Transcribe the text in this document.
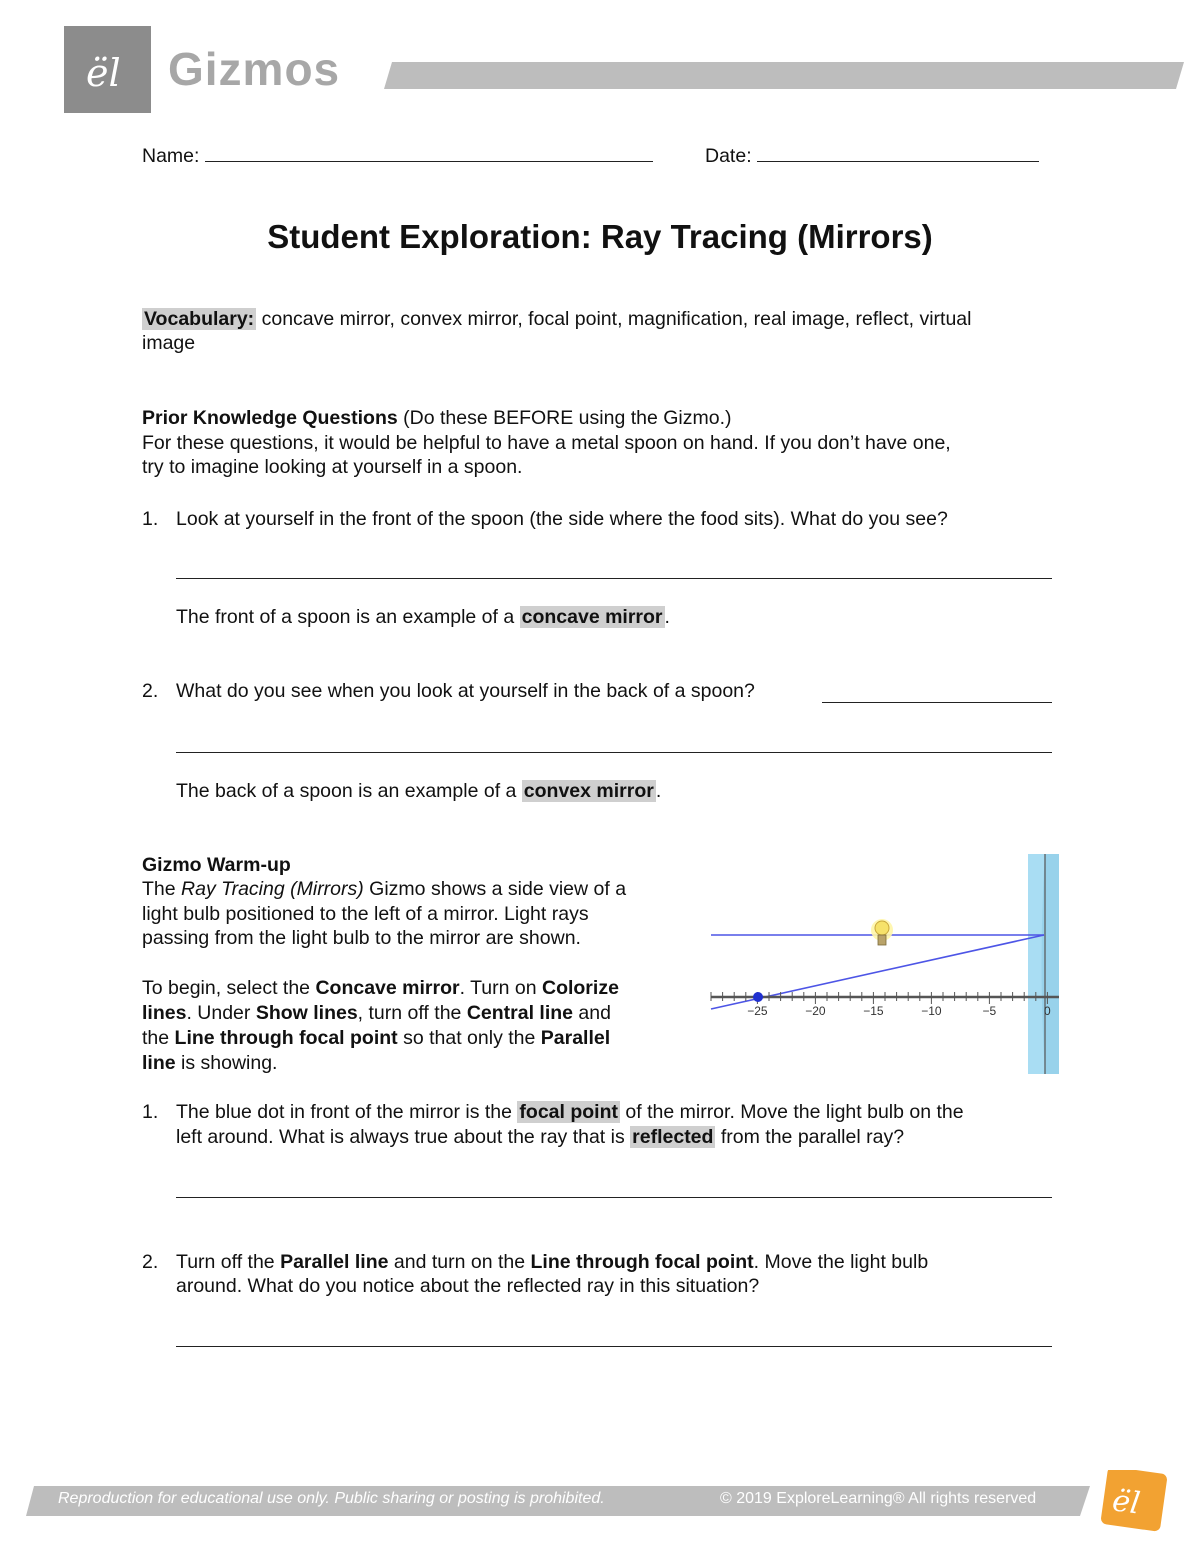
ël Gizmos
Name:	Date:
Student Exploration: Ray Tracing (Mirrors)
Vocabulary: concave mirror, convex mirror, focal point, magnification, real image, reflect, virtual
image
Prior Knowledge Questions (Do these BEFORE using the Gizmo.)
For these questions, it would be helpful to have a metal spoon on hand. If you don’t have one,
try to imagine looking at yourself in a spoon.
1. Look at yourself in the front of the spoon (the side where the food sits). What do you see?
The front of a spoon is an example of a concave mirror .
2. What do you see when you look at yourself in the back of a spoon?
The back of a spoon is an example of a convex mirror .
Gizmo Warm-up
The Ray Tracing (Mirrors) Gizmo shows a side view of a
light bulb positioned to the left of a mirror. Light rays
passing from the light bulb to the mirror are shown.
To begin, select the Concave mirror. Turn on Colorize
lines. Under Show lines, turn off the Central line and
the Line through focal point so that only the Parallel
line is showing.
−25	−20	−15	−10	−5	0
1. The blue dot in front of the mirror is the focal point of the mirror. Move the light bulb on the
left around. What is always true about the ray that is reflected from the parallel ray?
2. Turn off the Parallel line and turn on the Line through focal point. Move the light bulb
around. What do you notice about the reflected ray in this situation?
ël
Reproduction for educational use only. Public sharing or posting is prohibited.	© 2019 ExploreLearning® All rights reserved
